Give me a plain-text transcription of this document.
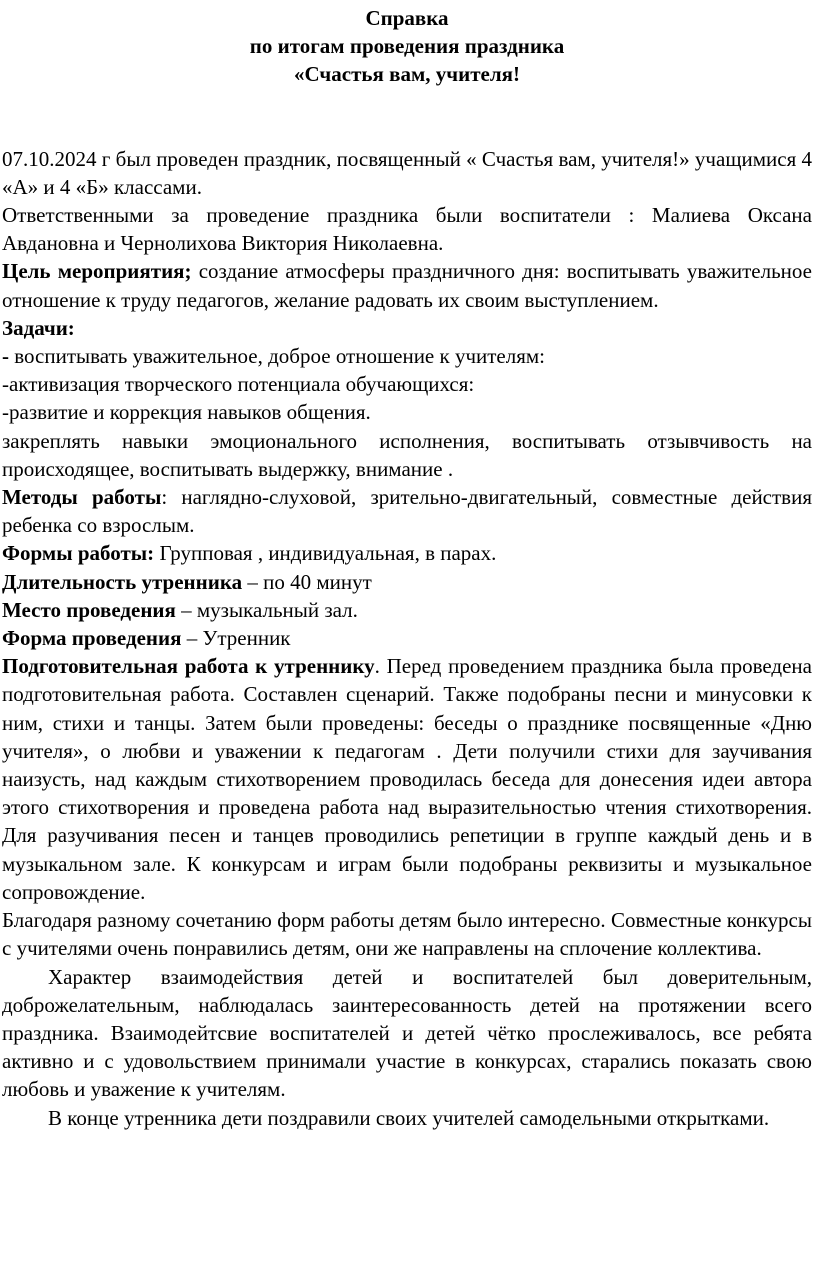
Справка
по итогам проведения праздника
«Счастья вам, учителя!

07.10.2024 г был проведен праздник, посвященный « Счастья вам, учителя!» учащимися 4 «А» и 4 «Б» классами.

Ответственными за проведение праздника были воспитатели : Малиева Оксана Авдановна и Чернолихова Виктория Николаевна.

Цель мероприятия; создание атмосферы праздничного дня: воспитывать уважительное отношение к труду педагогов, желание радовать их своим выступлением.

Задачи:

- воспитывать уважительное, доброе отношение к учителям:

-активизация творческого потенциала обучающихся:

-развитие и коррекция навыков общения.

закреплять навыки эмоционального исполнения, воспитывать отзывчивость на происходящее, воспитывать выдержку, внимание .

Методы работы: наглядно-слуховой, зрительно-двигательный, совместные действия ребенка со взрослым.

Формы работы: Групповая , индивидуальная, в парах.

Длительность утренника – по 40 минут

Место проведения – музыкальный зал.

Форма проведения – Утренник

Подготовительная работа к утреннику. Перед проведением праздника была проведена подготовительная работа. Составлен сценарий. Также подобраны песни и минусовки к ним, стихи и танцы. Затем были проведены: беседы о празднике посвященные «Дню учителя», о любви и уважении к педагогам . Дети получили стихи для заучивания наизусть, над каждым стихотворением проводилась беседа для донесения идеи автора этого стихотворения и проведена работа над выразительностью чтения стихотворения. Для разучивания песен и танцев проводились репетиции в группе каждый день и в музыкальном зале. К конкурсам и играм были подобраны реквизиты и музыкальное сопровождение.

Благодаря разному сочетанию форм работы детям было интересно. Совместные конкурсы с учителями очень понравились детям, они же направлены на сплочение коллектива.

Характер взаимодействия детей и воспитателей был доверительным, доброжелательным, наблюдалась заинтересованность детей на протяжении всего праздника. Взаимодейтсвие воспитателей и детей чётко прослеживалось, все ребята активно и с удовольствием принимали участие в конкурсах, старались показать свою любовь и уважение к учителям.

В конце утренника дети поздравили своих учителей самодельными открытками.
